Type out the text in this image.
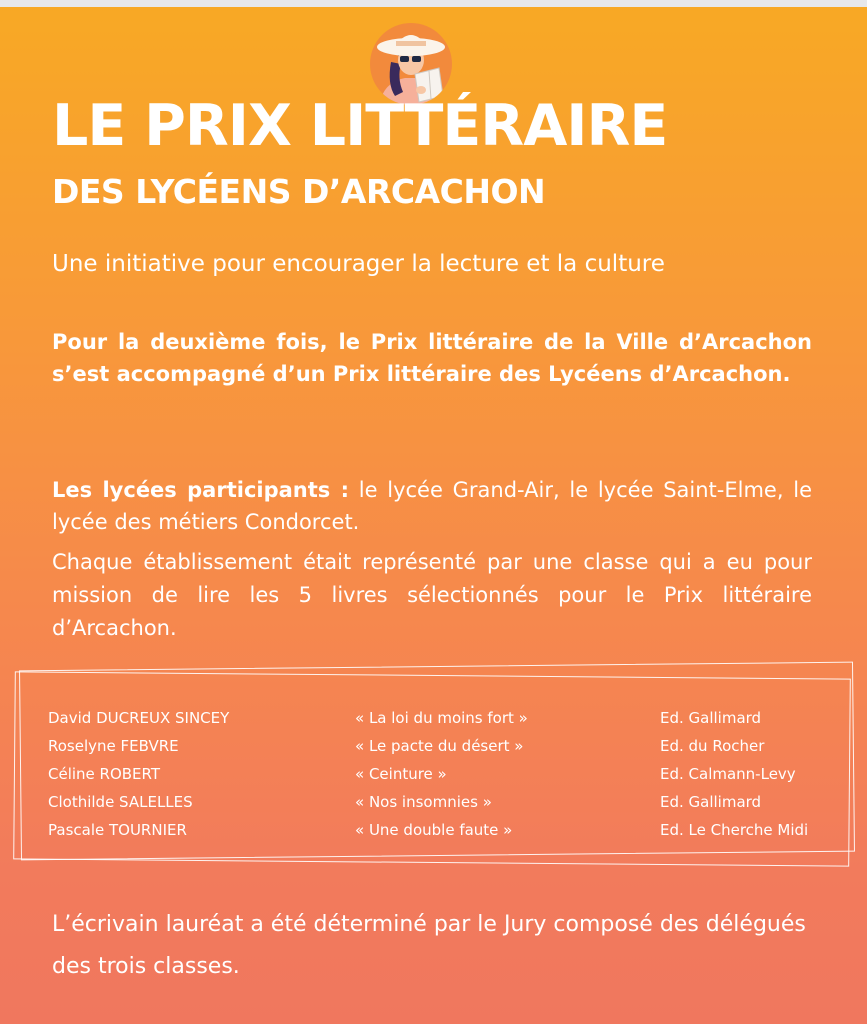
LE PRIX LITTÉRAIRE
DES LYCÉENS D’ARCACHON

Une initiative pour encourager la lecture et la culture

Pour la deuxième fois, le Prix littéraire de la Ville d’Arcachon s’est accompagné d’un Prix littéraire des Lycéens d’Arcachon.

Les lycées participants : le lycée Grand-Air, le lycée Saint-Elme, le lycée des métiers Condorcet.

Chaque établissement était représenté par une classe qui a eu pour mission de lire les 5 livres sélectionnés pour le Prix littéraire d’Arcachon.

David DUCREUX SINCEY	« La loi du moins fort »	Ed. Gallimard
Roselyne FEBVRE	« Le pacte du désert »	Ed. du Rocher
Céline ROBERT	« Ceinture »	Ed. Calmann-Levy
Clothilde SALELLES	« Nos insomnies »	Ed. Gallimard
Pascale TOURNIER	« Une double faute »	Ed. Le Cherche Midi

L’écrivain lauréat a été déterminé par le Jury composé des délégués des trois classes.
